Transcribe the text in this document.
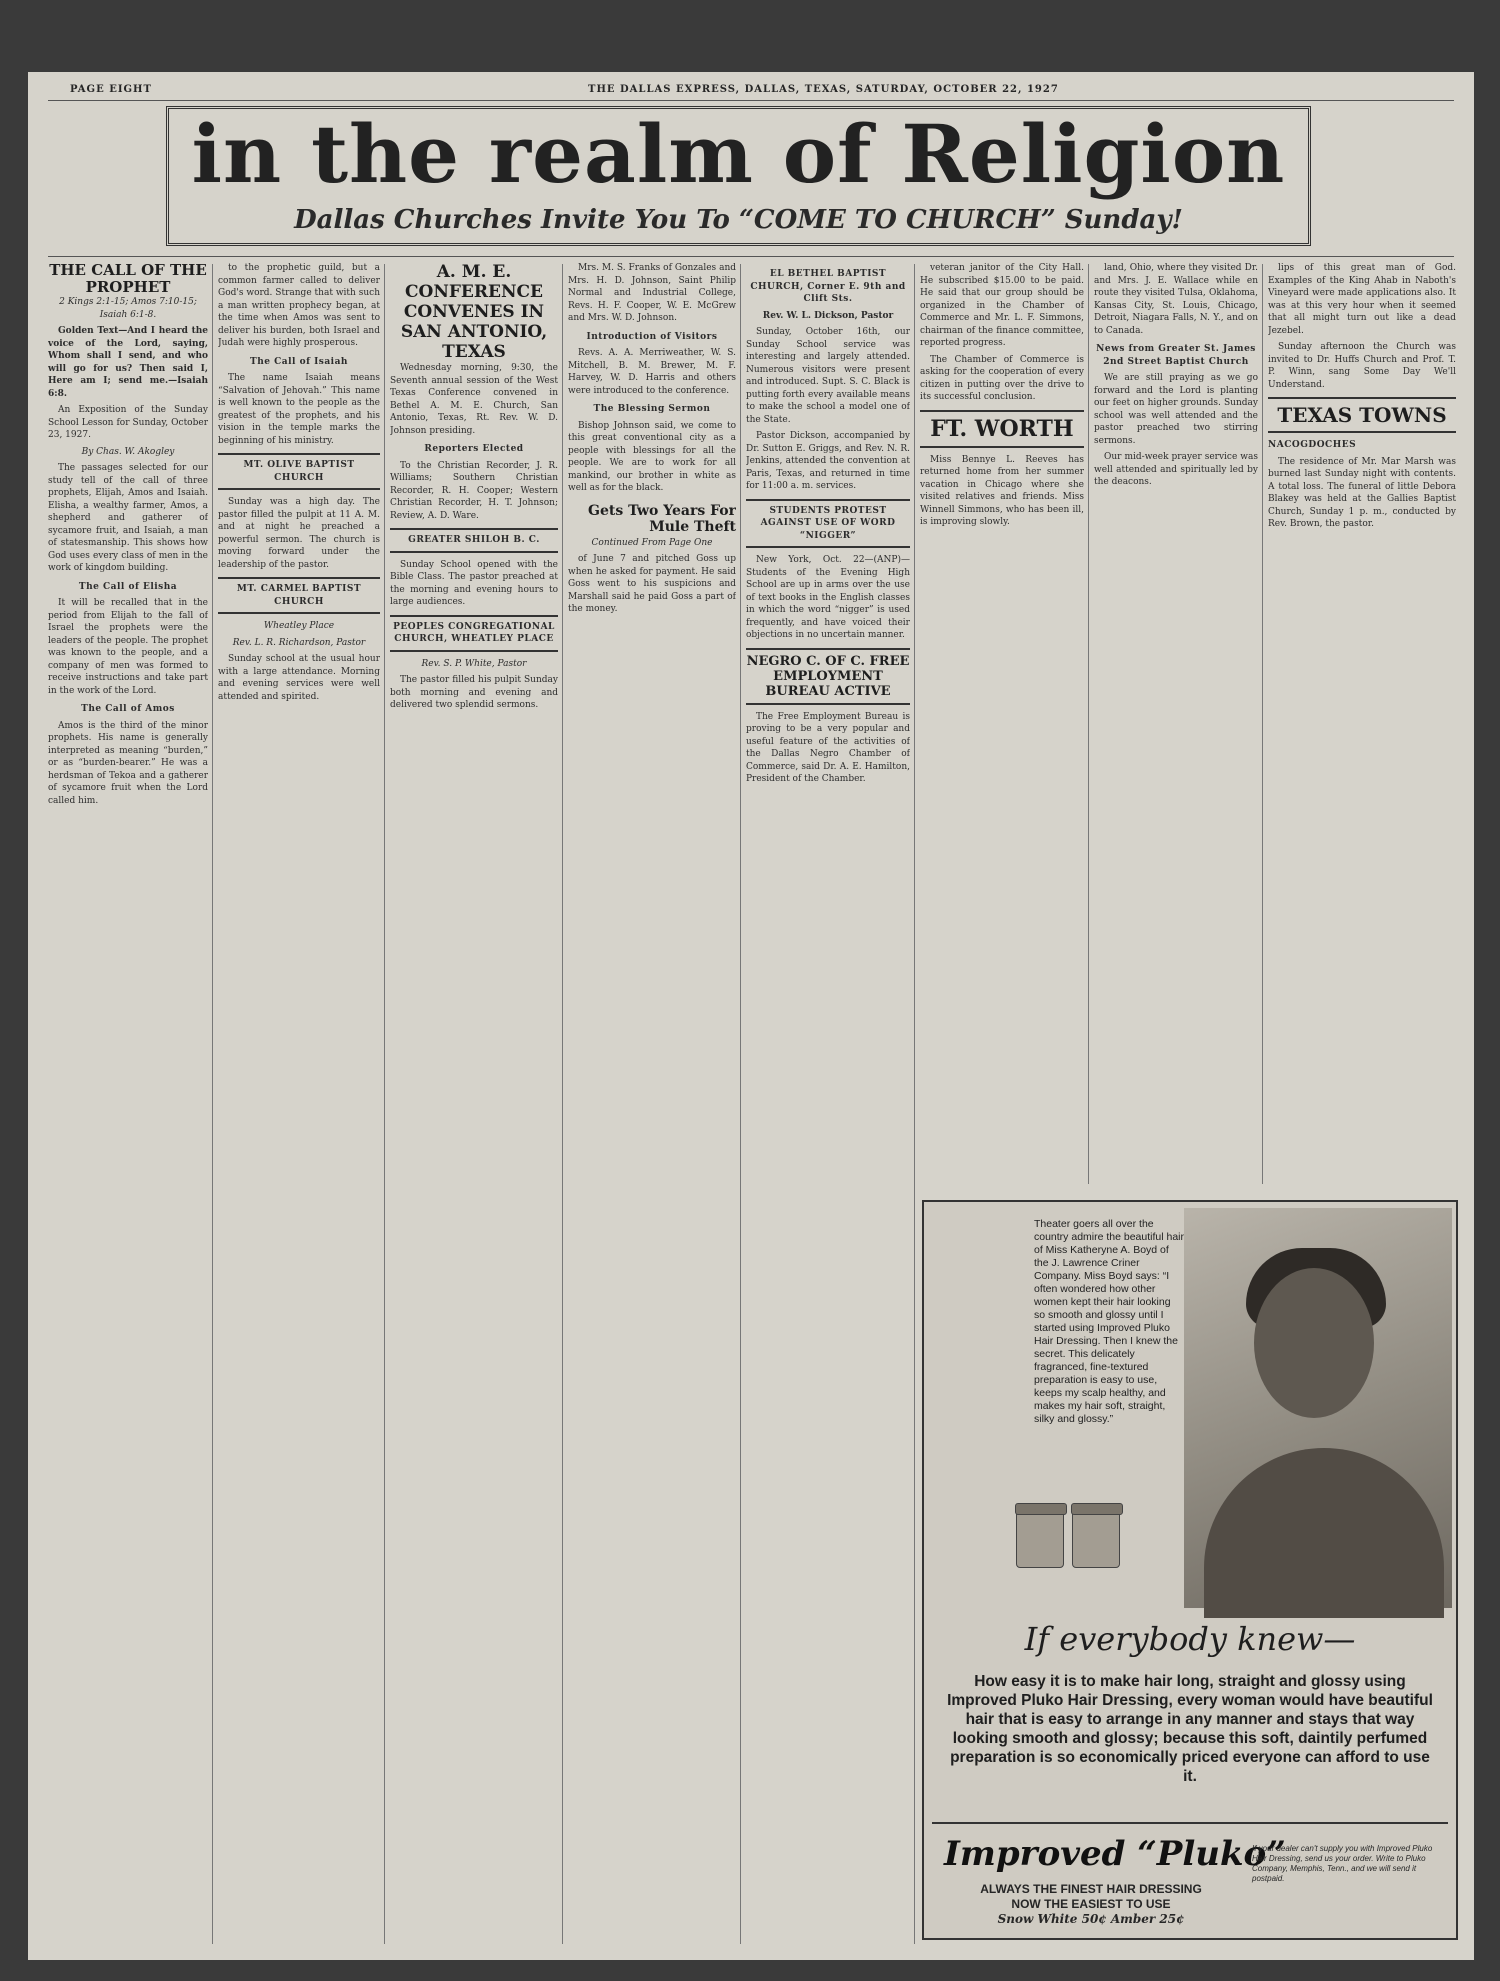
PAGE EIGHT	THE DALLAS EXPRESS, DALLAS, TEXAS, SATURDAY, OCTOBER 22, 1927
in the realm of Religion
Dallas Churches Invite You To “COME TO CHURCH” Sunday!
THE CALL OF THE PROPHET

2 Kings 2:1-15; Amos 7:10-15; Isaiah 6:1-8.

Golden Text—And I heard the voice of the Lord, saying, Whom shall I send, and who will go for us? Then said I, Here am I; send me.—Isaiah 6:8.

An Exposition of the Sunday School Lesson for Sunday, October 23, 1927.

By Chas. W. Akogley

The passages selected for our study tell of the call of three prophets, Elijah, Amos and Isaiah. Elisha, a wealthy farmer, Amos, a shepherd and gatherer of sycamore fruit, and Isaiah, a man of statesmanship. This shows how God uses every class of men in the work of kingdom building.

The Call of Elisha

It will be recalled that in the period from Elijah to the fall of Israel the prophets were the leaders of the people. The prophet was known to the people, and a company of men was formed to receive instructions and take part in the work of the Lord.

The Call of Amos

Amos is the third of the minor prophets. His name is generally interpreted as meaning “burden,” or as “burden-bearer.” He was a herdsman of Tekoa and a gatherer of sycamore fruit when the Lord called him.

to the prophetic guild, but a common farmer called to deliver God's word. Strange that with such a man written prophecy began, at the time when Amos was sent to deliver his burden, both Israel and Judah were highly prosperous.

The Call of Isaiah

The name Isaiah means “Salvation of Jehovah.” This name is well known to the people as the greatest of the prophets, and his vision in the temple marks the beginning of his ministry.

MT. OLIVE BAPTIST CHURCH

Sunday was a high day. The pastor filled the pulpit at 11 A. M. and at night he preached a powerful sermon. The church is moving forward under the leadership of the pastor.

MT. CARMEL BAPTIST CHURCH
Wheatley Place
Rev. L. R. Richardson, Pastor

Sunday school at the usual hour with a large attendance. Morning and evening services were well attended and spirited.

A. M. E. CONFERENCE CONVENES IN SAN ANTONIO, TEXAS

Wednesday morning, 9:30, the Seventh annual session of the West Texas Conference convened in Bethel A. M. E. Church, San Antonio, Texas, Rt. Rev. W. D. Johnson presiding.

Reporters Elected

To the Christian Recorder, J. R. Williams; Southern Christian Recorder, R. H. Cooper; Western Christian Recorder, H. T. Johnson; Review, A. D. Ware.

GREATER SHILOH B. C.

Sunday School opened with the Bible Class. The pastor preached at the morning and evening hours to large audiences.

PEOPLES CONGREGATIONAL CHURCH, WHEATLEY PLACE
Rev. S. P. White, Pastor

The pastor filled his pulpit Sunday both morning and evening and delivered two splendid sermons.

Mrs. M. S. Franks of Gonzales and Mrs. H. D. Johnson, Saint Philip Normal and Industrial College, Revs. H. F. Cooper, W. E. McGrew and Mrs. W. D. Johnson.

Introduction of Visitors

Revs. A. A. Merriweather, W. S. Mitchell, B. M. Brewer, M. F. Harvey, W. D. Harris and others were introduced to the conference.

The Blessing Sermon

Bishop Johnson said, we come to this great conventional city as a people with blessings for all the people. We are to work for all mankind, our brother in white as well as for the black.

Gets Two Years For Mule Theft
Continued From Page One

of June 7 and pitched Goss up when he asked for payment. He said Goss went to his suspicions and Marshall said he paid Goss a part of the money.

EL BETHEL BAPTIST CHURCH, Corner E. 9th and Clift Sts.
Rev. W. L. Dickson, Pastor

Sunday, October 16th, our Sunday School service was interesting and largely attended. Numerous visitors were present and introduced. Supt. S. C. Black is putting forth every available means to make the school a model one of the State.

Pastor Dickson, accompanied by Dr. Sutton E. Griggs, and Rev. N. R. Jenkins, attended the convention at Paris, Texas, and returned in time for 11:00 a. m. services.

STUDENTS PROTEST AGAINST USE OF WORD “NIGGER”

New York, Oct. 22—(ANP)—Students of the Evening High School are up in arms over the use of text books in the English classes in which the word “nigger” is used frequently, and have voiced their objections in no uncertain manner.

NEGRO C. OF C. FREE EMPLOYMENT BUREAU ACTIVE

The Free Employment Bureau is proving to be a very popular and useful feature of the activities of the Dallas Negro Chamber of Commerce, said Dr. A. E. Hamilton, President of the Chamber.

veteran janitor of the City Hall. He subscribed $15.00 to be paid. He said that our group should be organized in the Chamber of Commerce and Mr. L. F. Simmons, chairman of the finance committee, reported progress.

The Chamber of Commerce is asking for the cooperation of every citizen in putting over the drive to its successful conclusion.

FT. WORTH

Miss Bennye L. Reeves has returned home from her summer vacation in Chicago where she visited relatives and friends. Miss Winnell Simmons, who has been ill, is improving slowly.

land, Ohio, where they visited Dr. and Mrs. J. E. Wallace while en route they visited Tulsa, Oklahoma, Kansas City, St. Louis, Chicago, Detroit, Niagara Falls, N. Y., and on to Canada.

News from Greater St. James 2nd Street Baptist Church

We are still praying as we go forward and the Lord is planting our feet on higher grounds. Sunday school was well attended and the pastor preached two stirring sermons.

Our mid-week prayer service was well attended and spiritually led by the deacons.

lips of this great man of God. Examples of the King Ahab in Naboth's Vineyard were made applications also. It was at this very hour when it seemed that all might turn out like a dead Jezebel.

Sunday afternoon the Church was invited to Dr. Huffs Church and Prof. T. P. Winn, sang Some Day We'll Understand.

TEXAS TOWNS
NACOGDOCHES

The residence of Mr. Mar Marsh was burned last Sunday night with contents. A total loss. The funeral of little Debora Blakey was held at the Gallies Baptist Church, Sunday 1 p. m., conducted by Rev. Brown, the pastor.

Theater goers all over the country admire the beautiful hair of Miss Katheryne A. Boyd of the J. Lawrence Criner Company. Miss Boyd says: “I often wondered how other women kept their hair looking so smooth and glossy until I started using Improved Pluko Hair Dressing. Then I knew the secret. This delicately fragranced, fine-textured preparation is easy to use, keeps my scalp healthy, and makes my hair soft, straight, silky and glossy.”
If everybody knew—
How easy it is to make hair long, straight and glossy using Improved Pluko Hair Dressing, every woman would have beautiful hair that is easy to arrange in any manner and stays that way looking smooth and glossy; because this soft, daintily perfumed preparation is so economically priced everyone can afford to use it.
Improved “Pluko”
ALWAYS THE FINEST HAIR DRESSING NOW THE EASIEST TO USE
Snow White 50¢ Amber 25¢
If your dealer can't supply you with Improved Pluko Hair Dressing, send us your order. Write to Pluko Company, Memphis, Tenn., and we will send it postpaid.
